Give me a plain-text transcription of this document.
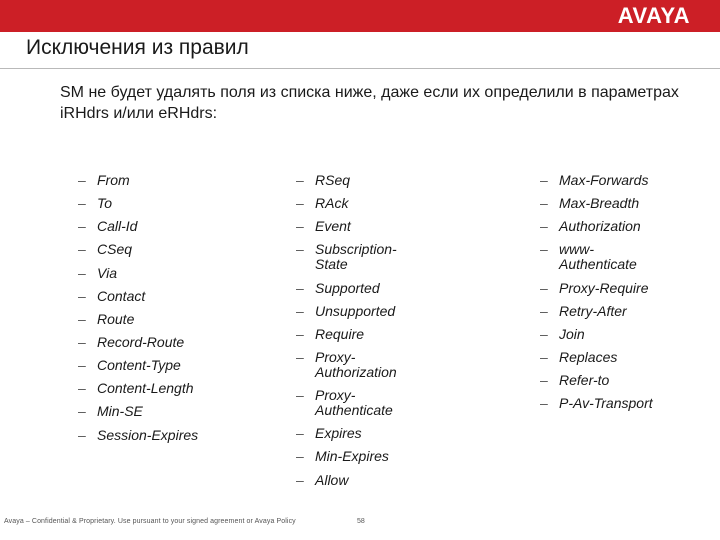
AVAYA
Исключения из правил
SM не будет удалять поля из списка ниже, даже если их определили в параметрах iRHdrs и/или eRHdrs:
– From
– To
– Call-Id
– CSeq
– Via
– Contact
– Route
– Record-Route
– Content-Type
– Content-Length
– Min-SE
– Session-Expires
– RSeq
– RAck
– Event
– Subscription-
State
– Supported
– Unsupported
– Require
– Proxy-
Authorization
– Proxy-
Authenticate
– Expires
– Min-Expires
– Allow
– Max-Forwards
– Max-Breadth
– Authorization
– www-
Authenticate
– Proxy-Require
– Retry-After
– Join
– Replaces
– Refer-to
– P-Av-Transport
Avaya – Confidential & Proprietary. Use pursuant to your signed agreement or Avaya Policy	58
